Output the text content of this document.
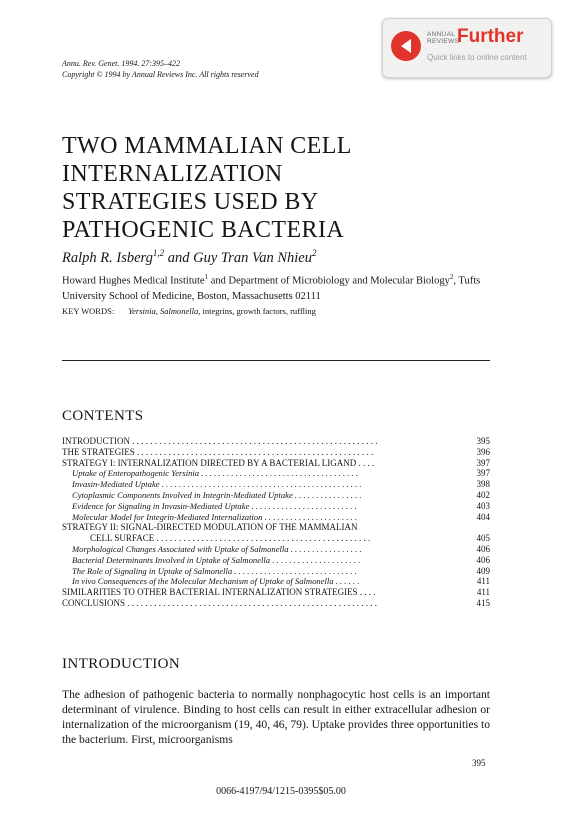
ANNUAL
REVIEWS
Further
Quick links to online content
Annu. Rev. Genet. 1994. 27:395–422
Copyright © 1994 by Annual Reviews Inc. All rights reserved
TWO MAMMALIAN CELL
INTERNALIZATION
STRATEGIES USED BY
PATHOGENIC BACTERIA
Ralph R. Isberg$^{1,2}$ and Guy Tran Van Nhieu$^2$
Howard Hughes Medical Institute$^1$ and Department of Microbiology and Molecular Biology$^2$, Tufts University School of Medicine, Boston, Massachusetts 02111
KEY WORDS: Yersinia, Salmonella, integrins, growth factors, ruffling
CONTENTS
INTRODUCTION . . . . . . . . . . . . . . . . . . . . . . . . . . . . . . . . . . . . . . . . . . . . . . . . . . . . . . .	395
THE STRATEGIES . . . . . . . . . . . . . . . . . . . . . . . . . . . . . . . . . . . . . . . . . . . . . . . . . . . . .	396
STRATEGY I: INTERNALIZATION DIRECTED BY A BACTERIAL LIGAND . . . .	397
Uptake of Enteropathogenic Yersinia . . . . . . . . . . . . . . . . . . . . . . . . . . . . . . . . . . . . .	397
Invasin-Mediated Uptake . . . . . . . . . . . . . . . . . . . . . . . . . . . . . . . . . . . . . . . . . . . . . . .	398
Cytoplasmic Components Involved in Integrin-Mediated Uptake . . . . . . . . . . . . . . . .	402
Evidence for Signaling in Invasin-Mediated Uptake . . . . . . . . . . . . . . . . . . . . . . . . .	403
Molecular Model for Integrin-Mediated Internalization . . . . . . . . . . . . . . . . . . . . . .	404
STRATEGY II: SIGNAL-DIRECTED MODULATION OF THE MAMMALIAN
CELL SURFACE . . . . . . . . . . . . . . . . . . . . . . . . . . . . . . . . . . . . . . . . . . . . . . . .	405
Morphological Changes Associated with Uptake of Salmonella . . . . . . . . . . . . . . . . .	406
Bacterial Determinants Involved in Uptake of Salmonella . . . . . . . . . . . . . . . . . . . . .	406
The Role of Signaling in Uptake of Salmonella . . . . . . . . . . . . . . . . . . . . . . . . . . . . .	409
In vivo Consequences of the Molecular Mechanism of Uptake of Salmonella . . . . . .	411
SIMILARITIES TO OTHER BACTERIAL INTERNALIZATION STRATEGIES . . . .	411
CONCLUSIONS . . . . . . . . . . . . . . . . . . . . . . . . . . . . . . . . . . . . . . . . . . . . . . . . . . . . . . . .	415
INTRODUCTION
The adhesion of pathogenic bacteria to normally nonphagocytic host cells is an important determinant of virulence. Binding to host cells can result in either extracellular adhesion or internalization of the microorganism (19, 40, 46, 79). Uptake provides three opportunities to the bacterium. First, microorganisms
395
0066-4197/94/1215-0395$05.00
